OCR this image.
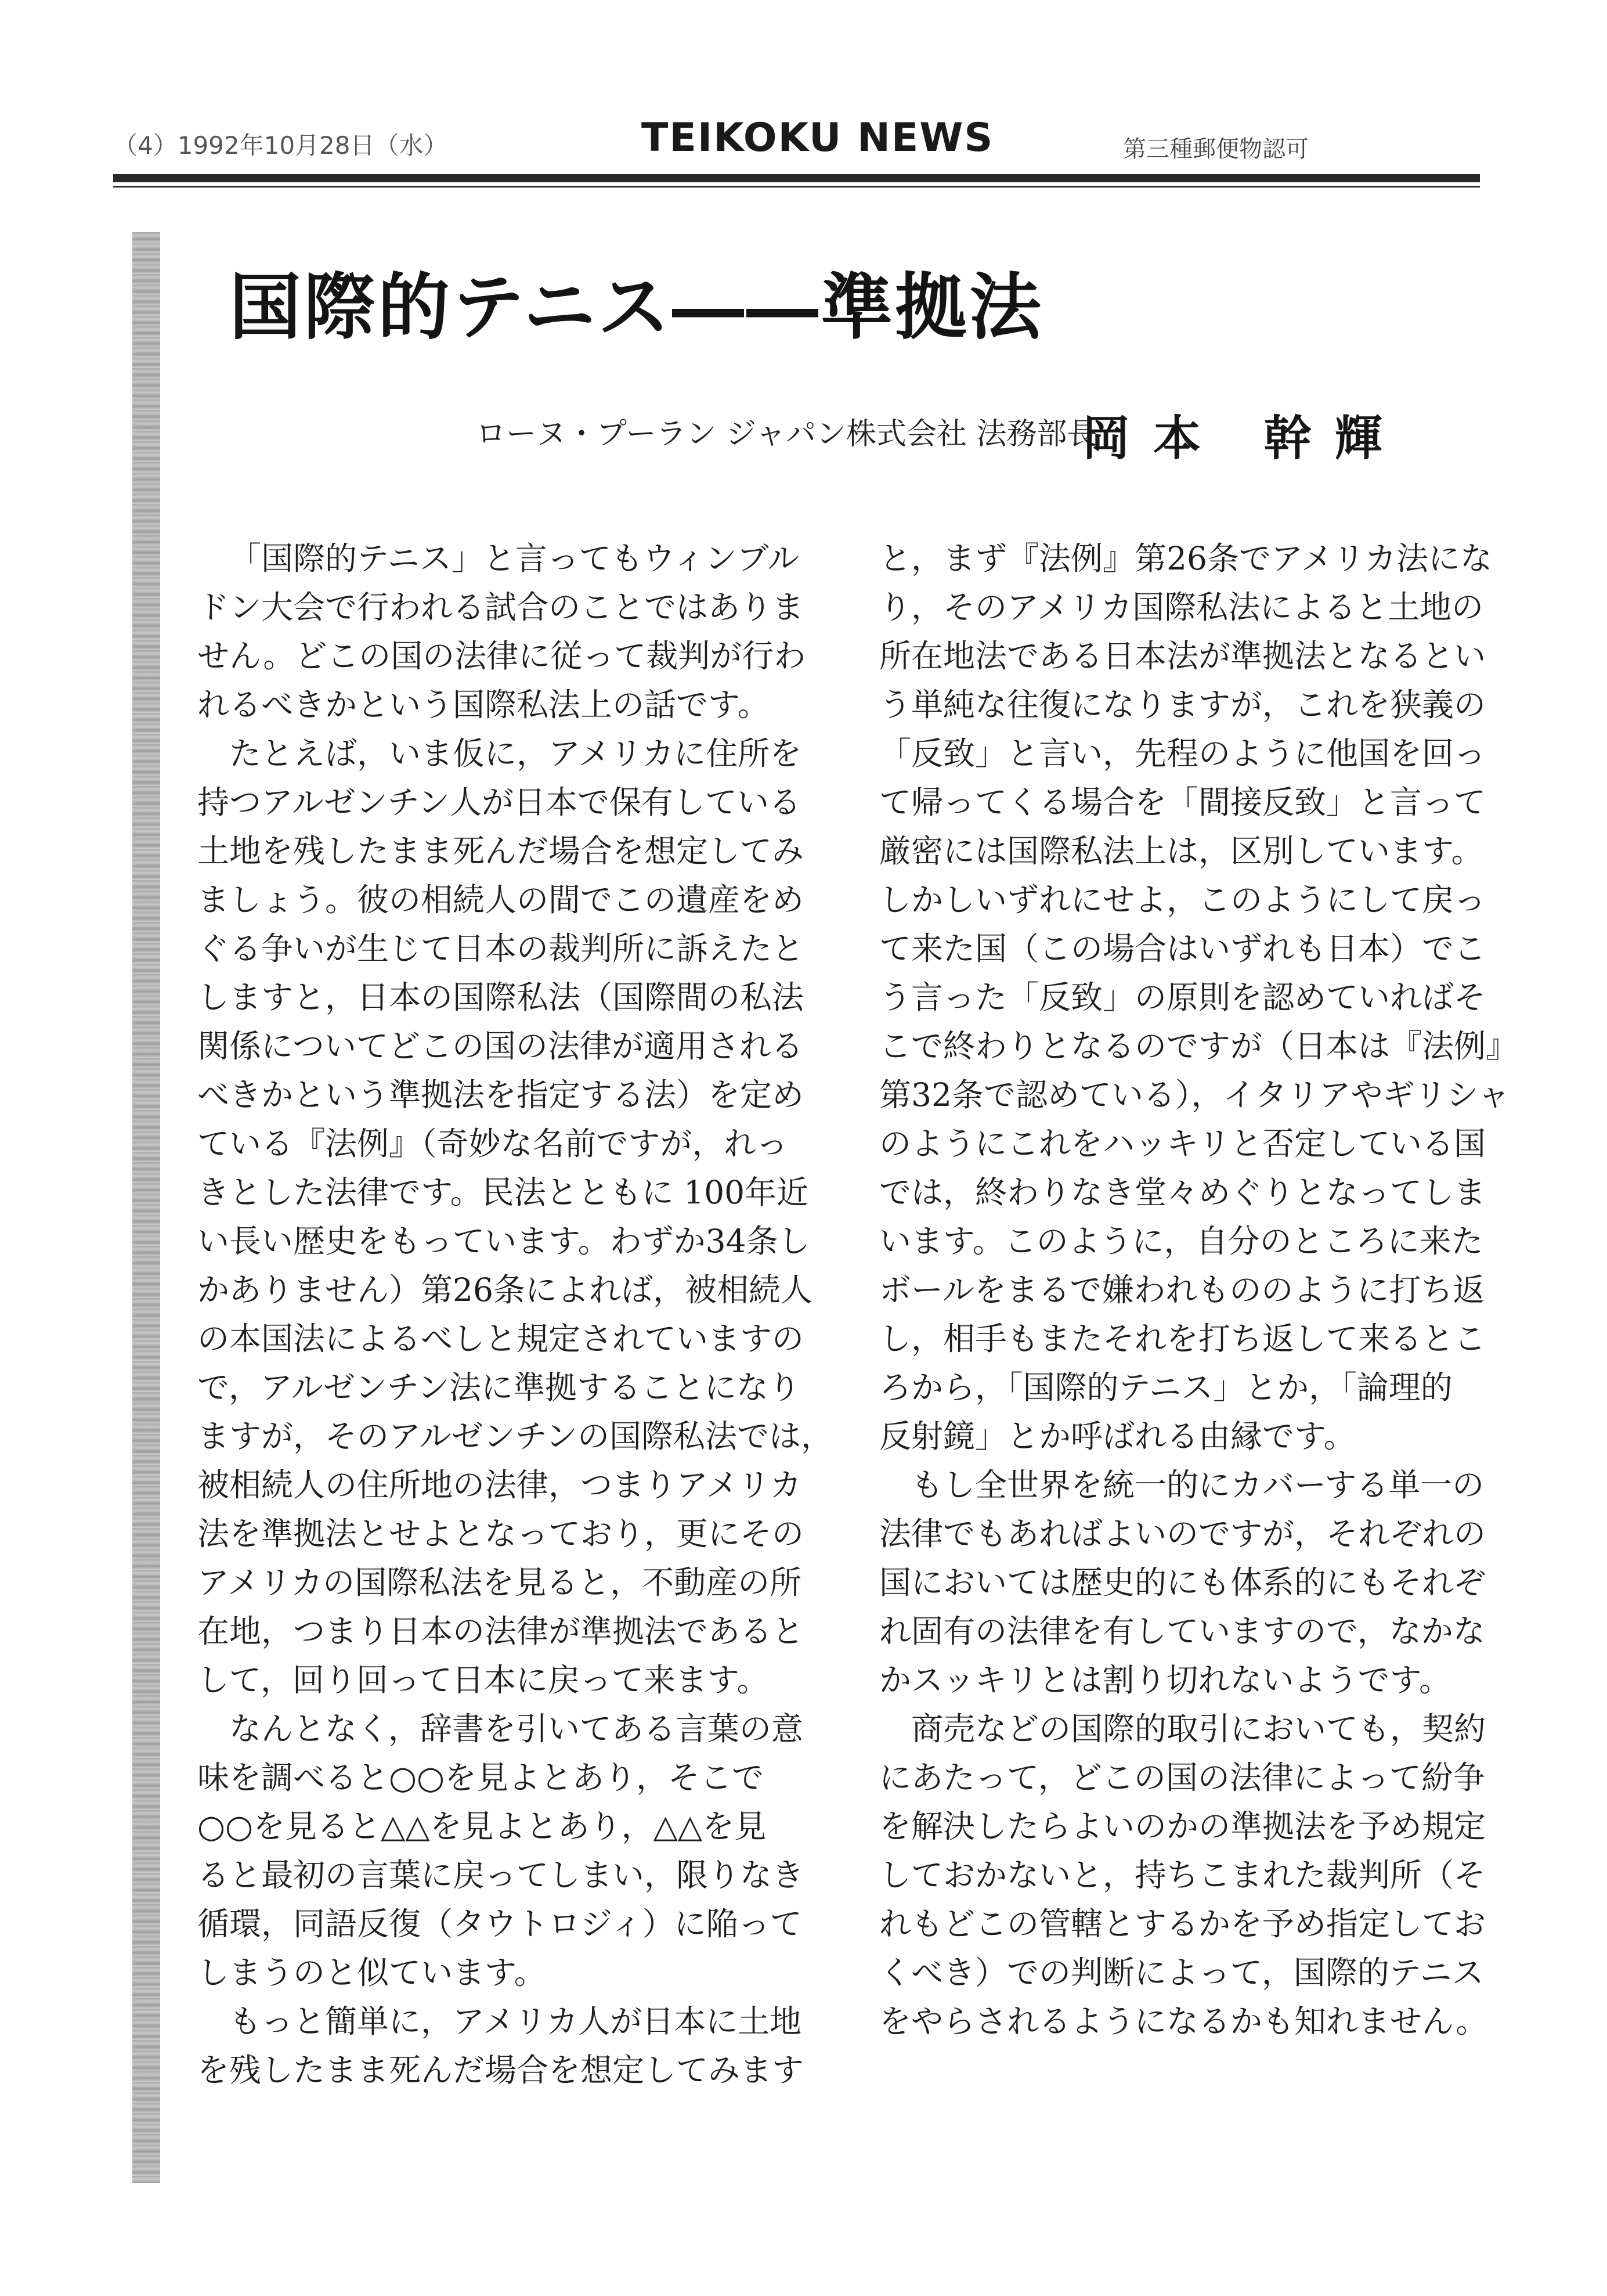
（4）1992年10月28日（水）	TEIKOKU NEWS	第三種郵便物認可
国際的テニス――準拠法
ローヌ・プーラン ジャパン株式会社 法務部長
岡本 幹輝
「国際的テニス」と言ってもウィンブル
ドン大会で行われる試合のことではありま
せん。どこの国の法律に従って裁判が行わ
れるべきかという国際私法上の話です。
たとえば，いま仮に，アメリカに住所を
持つアルゼンチン人が日本で保有している
土地を残したまま死んだ場合を想定してみ
ましょう。彼の相続人の間でこの遺産をめ
ぐる争いが生じて日本の裁判所に訴えたと
しますと，日本の国際私法（国際間の私法
関係についてどこの国の法律が適用される
べきかという準拠法を指定する法）を定め
ている『法例』（奇妙な名前ですが，れっ
きとした法律です。民法とともに 100年近
い長い歴史をもっています。わずか34条し
かありません）第26条によれば，被相続人
の本国法によるべしと規定されていますの
で，アルゼンチン法に準拠することになり
ますが，そのアルゼンチンの国際私法では，
被相続人の住所地の法律，つまりアメリカ
法を準拠法とせよとなっており，更にその
アメリカの国際私法を見ると，不動産の所
在地，つまり日本の法律が準拠法であると
して，回り回って日本に戻って来ます。
なんとなく，辞書を引いてある言葉の意
味を調べると○○を見よとあり，そこで
○○を見ると△△を見よとあり，△△を見
ると最初の言葉に戻ってしまい，限りなき
循環，同語反復（タウトロジィ）に陥って
しまうのと似ています。
もっと簡単に，アメリカ人が日本に土地
を残したまま死んだ場合を想定してみます
と，まず『法例』第26条でアメリカ法にな
り，そのアメリカ国際私法によると土地の
所在地法である日本法が準拠法となるとい
う単純な往復になりますが，これを狭義の
「反致」と言い，先程のように他国を回っ
て帰ってくる場合を「間接反致」と言って
厳密には国際私法上は，区別しています。
しかしいずれにせよ，このようにして戻っ
て来た国（この場合はいずれも日本）でこ
う言った「反致」の原則を認めていればそ
こで終わりとなるのですが（日本は『法例』
第32条で認めている），イタリアやギリシャ
のようにこれをハッキリと否定している国
では，終わりなき堂々めぐりとなってしま
います。このように，自分のところに来た
ボールをまるで嫌われもののように打ち返
し，相手もまたそれを打ち返して来るとこ
ろから，「国際的テニス」とか，「論理的
反射鏡」とか呼ばれる由縁です。
もし全世界を統一的にカバーする単一の
法律でもあればよいのですが，それぞれの
国においては歴史的にも体系的にもそれぞ
れ固有の法律を有していますので，なかな
かスッキリとは割り切れないようです。
商売などの国際的取引においても，契約
にあたって，どこの国の法律によって紛争
を解決したらよいのかの準拠法を予め規定
しておかないと，持ちこまれた裁判所（そ
れもどこの管轄とするかを予め指定してお
くべき）での判断によって，国際的テニス
をやらされるようになるかも知れません。
